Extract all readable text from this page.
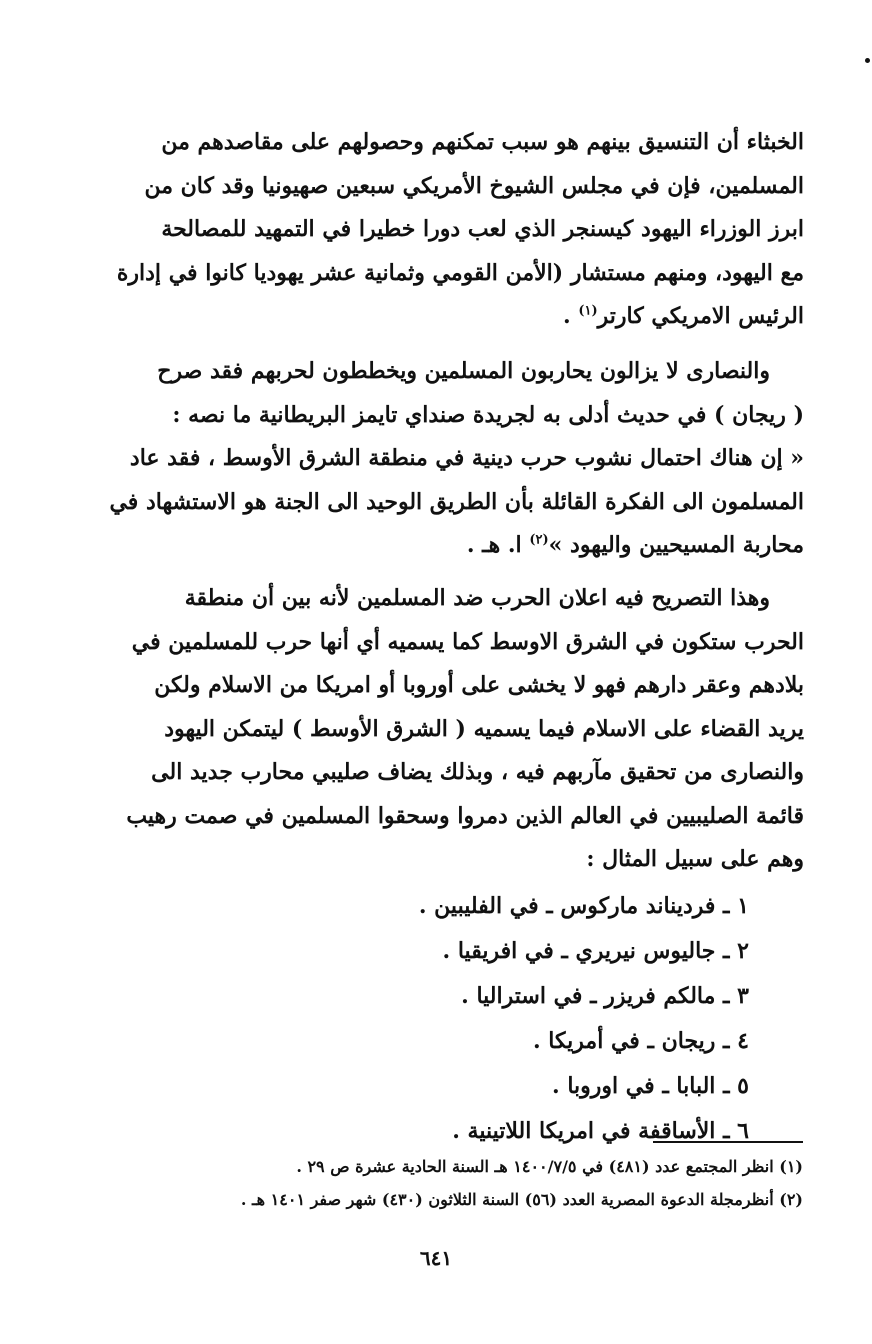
الخبثاء أن التنسيق بينهم هو سبب تمكنهم وحصولهم على مقاصدهم من

المسلمين، فإن في مجلس الشيوخ الأمريكي سبعين صهيونيا وقد كان من

ابرز الوزراء اليهود كيسنجر الذي لعب دورا خطيرا في التمهيد للمصالحة

مع اليهود، ومنهم مستشار (الأمن القومي وثمانية عشر يهوديا كانوا في إدارة

الرئيس الامريكي كارتر$^{(١)}$ .

والنصارى لا يزالون يحاربون المسلمين ويخططون لحربهم فقد صرح

( ريجان ) في حديث أدلى به لجريدة صنداي تايمز البريطانية ما نصه :

« إن هناك احتمال نشوب حرب دينية في منطقة الشرق الأوسط ، فقد عاد

المسلمون الى الفكرة القائلة بأن الطريق الوحيد الى الجنة هو الاستشهاد في

محاربة المسيحيين واليهود »$^{(٢)}$ ا. هـ .

وهذا التصريح فيه اعلان الحرب ضد المسلمين لأنه بين أن منطقة

الحرب ستكون في الشرق الاوسط كما يسميه أي أنها حرب للمسلمين في

بلادهم وعقر دارهم فهو لا يخشى على أوروبا أو امريكا من الاسلام ولكن

يريد القضاء على الاسلام فيما يسميه ( الشرق الأوسط ) ليتمكن اليهود

والنصارى من تحقيق مآربهم فيه ، وبذلك يضاف صليبي محارب جديد الى

قائمة الصليبيين في العالم الذين دمروا وسحقوا المسلمين في صمت رهيب

وهم على سبيل المثال :

١ ـ فرديناند ماركوس ـ في الفليبين .
٢ ـ جاليوس نيريري ـ في افريقيا .
٣ ـ مالكم فريزر ـ في استراليا .
٤ ـ ريجان ـ في أمريكا .
٥ ـ البابا ـ في اوروبا .
٦ ـ الأساقفة في امريكا اللاتينية .

(١) انظر المجتمع عدد (٤٨١) في ١٤٠٠/٧/٥ هـ السنة الحادية عشرة ص ٢٩ .

(٢) أنظرمجلة الدعوة المصرية العدد (٥٦) السنة الثلاثون (٤٣٠) شهر صفر ١٤٠١ هـ .

٦٤١
